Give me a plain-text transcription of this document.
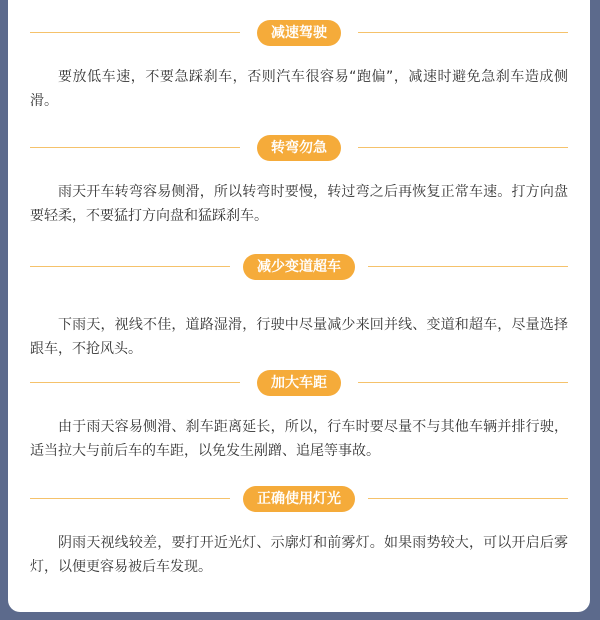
减速驾驶

要放低车速，不要急踩刹车，否则汽车很容易“跑偏”，减速时避免急刹车造成侧滑。

转弯勿急

雨天开车转弯容易侧滑，所以转弯时要慢，转过弯之后再恢复正常车速。打方向盘要轻柔，不要猛打方向盘和猛踩刹车。

减少变道超车

下雨天，视线不佳，道路湿滑，行驶中尽量减少来回并线、变道和超车，尽量选择跟车，不抢风头。

加大车距

由于雨天容易侧滑、刹车距离延长，所以，行车时要尽量不与其他车辆并排行驶，适当拉大与前后车的车距，以免发生剐蹭、追尾等事故。

正确使用灯光

阴雨天视线较差，要打开近光灯、示廓灯和前雾灯。如果雨势较大，可以开启后雾灯，以便更容易被后车发现。
